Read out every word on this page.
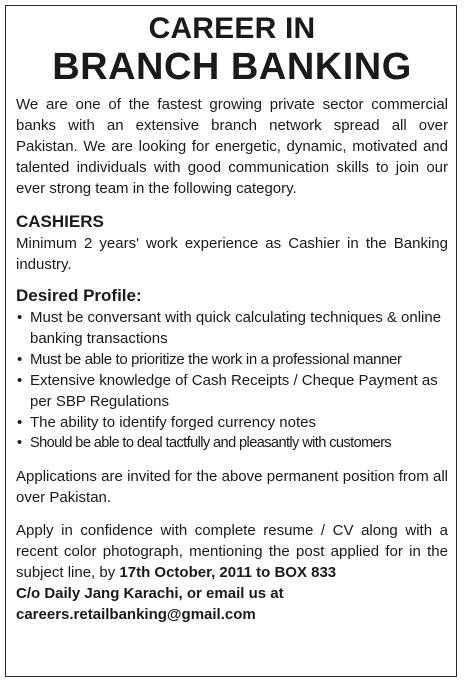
CAREER IN
BRANCH BANKING

We are one of the fastest growing private sector commercial banks with an extensive branch network spread all over Pakistan. We are looking for energetic, dynamic, motivated and talented individuals with good communication skills to join our ever strong team in the following category.

CASHIERS

Minimum 2 years' work experience as Cashier in the Banking industry.

Desired Profile:
• Must be conversant with quick calculating techniques & online banking transactions
• Must be able to prioritize the work in a professional manner
• Extensive knowledge of Cash Receipts / Cheque Payment as per SBP Regulations
• The ability to identify forged currency notes
• Should be able to deal tactfully and pleasantly with customers

Applications are invited for the above permanent position from all over Pakistan.

Apply in confidence with complete resume / CV along with a recent color photograph, mentioning the post applied for in the subject line, by 17th October, 2011 to BOX 833

C/o Daily Jang Karachi, or email us at

careers.retailbanking@gmail.com
